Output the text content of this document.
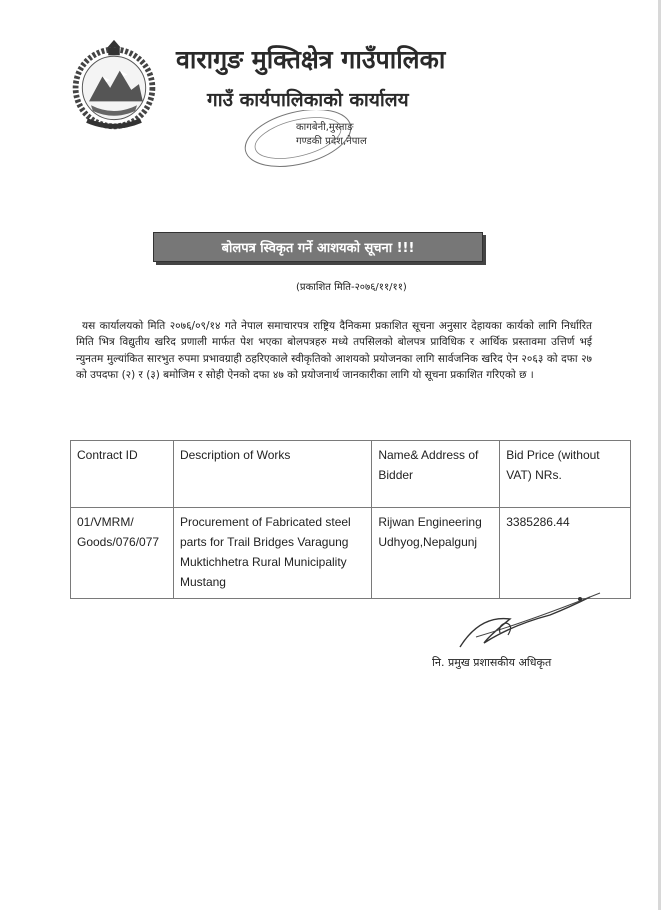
वारागुङ मुक्तिक्षेत्र गाउँपालिका
गाउँ कार्यपालिकाको कार्यालय
कागबेनी,मुस्ताङ
गण्डकी प्रदेश,नेपाल
बोलपत्र स्विकृत गर्ने आशयको सूचना !!!
(प्रकाशित मिति-२०७६/११/११)
यस कार्यालयको मिति २०७६/०९/१४ गते नेपाल समाचारपत्र राष्ट्रिय दैनिकमा प्रकाशित सूचना अनुसार देहायका कार्यको लागि निर्धारित मिति भित्र विद्युतीय खरिद प्रणाली मार्फत पेश भएका बोलपत्रहरु मध्ये तपसिलको बोलपत्र प्राविधिक र आर्थिक प्रस्तावमा उत्तिर्ण भई न्युनतम मुल्यांकित सारभुत रुपमा प्रभावग्राही ठहरिएकाले स्वीकृतिको आशयको प्रयोजनका लागि सार्वजनिक खरिद ऐन २०६३ को दफा २७ को उपदफा (२) र (३) बमोजिम र सोही ऐनको दफा ४७ को प्रयोजनार्थ जानकारीका लागि यो सूचना प्रकाशित गरिएको छ ।
Contract ID	Description of Works	Name& Address of Bidder	Bid Price (without VAT) NRs.
01/VMRM/ Goods/076/077	Procurement of Fabricated steel parts for Trail Bridges Varagung Muktichhetra Rural Municipality Mustang	Rijwan Engineering Udhyog,Nepalgunj	3385286.44
नि. प्रमुख प्रशासकीय अधिकृत
